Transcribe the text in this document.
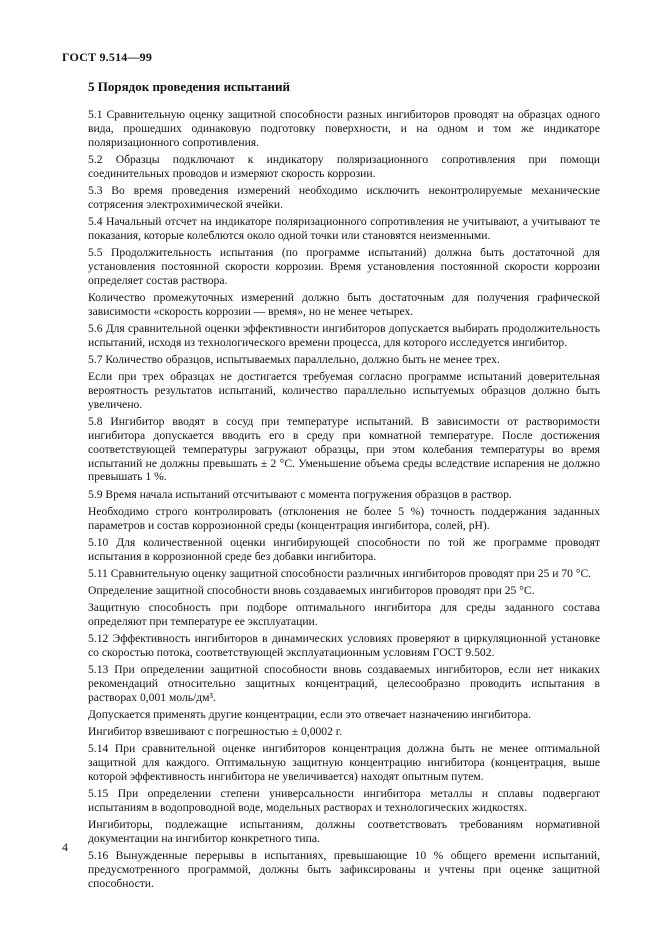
ГОСТ 9.514—99
5 Порядок проведения испытаний

5.1 Сравнительную оценку защитной способности разных ингибиторов проводят на образцах одного вида, прошедших одинаковую подготовку поверхности, и на одном и том же индикаторе поляризационного сопротивления.

5.2 Образцы подключают к индикатору поляризационного сопротивления при помощи соединительных проводов и измеряют скорость коррозии.

5.3 Во время проведения измерений необходимо исключить неконтролируемые механические сотрясения электрохимической ячейки.

5.4 Начальный отсчет на индикаторе поляризационного сопротивления не учитывают, а учитывают те показания, которые колеблются около одной точки или становятся неизменными.

5.5 Продолжительность испытания (по программе испытаний) должна быть достаточной для установления постоянной скорости коррозии. Время установления постоянной скорости коррозии определяет состав раствора.

Количество промежуточных измерений должно быть достаточным для получения графической зависимости «скорость коррозии — время», но не менее четырех.

5.6 Для сравнительной оценки эффективности ингибиторов допускается выбирать продолжительность испытаний, исходя из технологического времени процесса, для которого исследуется ингибитор.

5.7 Количество образцов, испытываемых параллельно, должно быть не менее трех.

Если при трех образцах не достигается требуемая согласно программе испытаний доверительная вероятность результатов испытаний, количество параллельно испытуемых образцов должно быть увеличено.

5.8 Ингибитор вводят в сосуд при температуре испытаний. В зависимости от растворимости ингибитора допускается вводить его в среду при комнатной температуре. После достижения соответствующей температуры загружают образцы, при этом колебания температуры во время испытаний не должны превышать ± 2 °С. Уменьшение объема среды вследствие испарения не должно превышать 1 %.

5.9 Время начала испытаний отсчитывают с момента погружения образцов в раствор.

Необходимо строго контролировать (отклонения не более 5 %) точность поддержания заданных параметров и состав коррозионной среды (концентрация ингибитора, солей, pH).

5.10 Для количественной оценки ингибирующей способности по той же программе проводят испытания в коррозионной среде без добавки ингибитора.

5.11 Сравнительную оценку защитной способности различных ингибиторов проводят при 25 и 70 °С.

Определение защитной способности вновь создаваемых ингибиторов проводят при 25 °С.

Защитную способность при подборе оптимального ингибитора для среды заданного состава определяют при температуре ее эксплуатации.

5.12 Эффективность ингибиторов в динамических условиях проверяют в циркуляционной установке со скоростью потока, соответствующей эксплуатационным условиям ГОСТ 9.502.

5.13 При определении защитной способности вновь создаваемых ингибиторов, если нет никаких рекомендаций относительно защитных концентраций, целесообразно проводить испытания в растворах 0,001 моль/дм³.

Допускается применять другие концентрации, если это отвечает назначению ингибитора.

Ингибитор взвешивают с погрешностью ± 0,0002 г.

5.14 При сравнительной оценке ингибиторов концентрация должна быть не менее оптимальной защитной для каждого. Оптимальную защитную концентрацию ингибитора (концентрация, выше которой эффективность ингибитора не увеличивается) находят опытным путем.

5.15 При определении степени универсальности ингибитора металлы и сплавы подвергают испытаниям в водопроводной воде, модельных растворах и технологических жидкостях.

Ингибиторы, подлежащие испытаниям, должны соответствовать требованиям нормативной документации на ингибитор конкретного типа.

5.16 Вынужденные перерывы в испытаниях, превышающие 10 % общего времени испытаний, предусмотренного программой, должны быть зафиксированы и учтены при оценке защитной способности.

4
